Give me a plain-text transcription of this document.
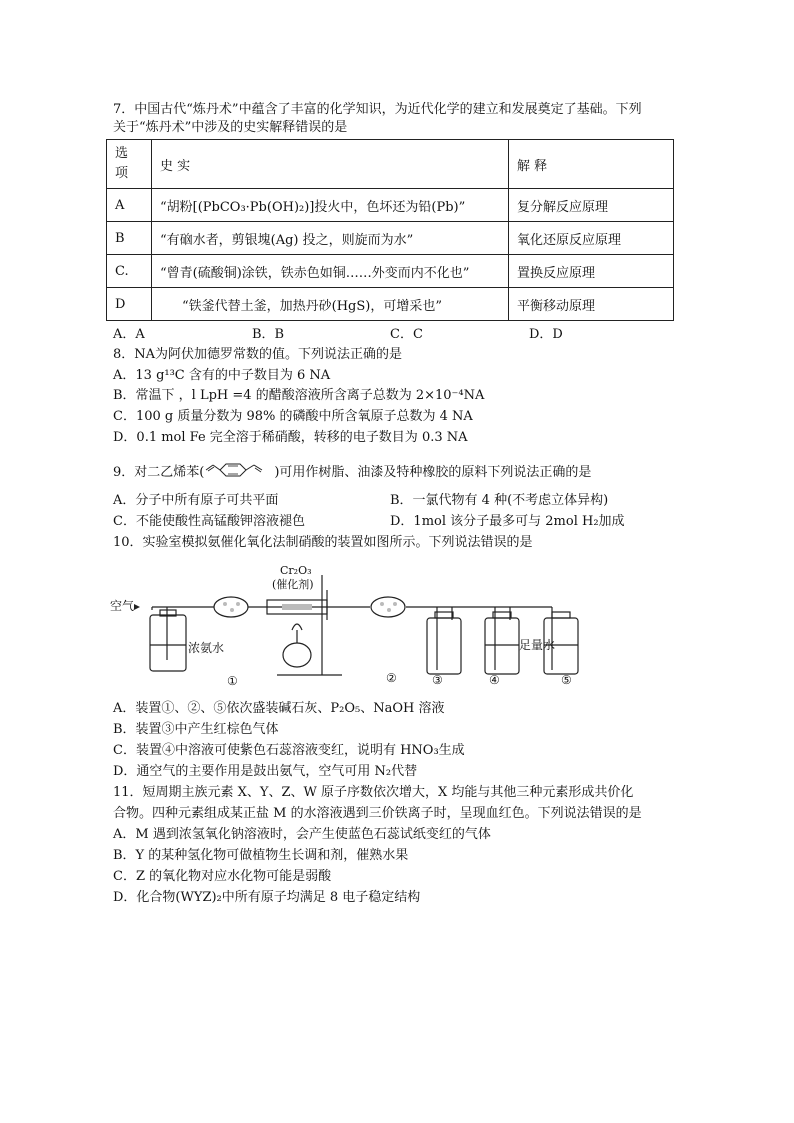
7．中国古代“炼丹术”中蕴含了丰富的化学知识，为近代化学的建立和发展奠定了基础。下列
关于“炼丹术”中涉及的史实解释错误的是
选项	史 实	解 释
A	“胡粉[(PbCO₃·Pb(OH)₂)]投火中，色坏还为铅(Pb)”	复分解反应原理
B	“有硇水者，剪银塊(Ag) 投之，则旋而为水”	氧化还原反应原理
C.	“曾青(硫酸铜)涂铁，铁赤色如铜……外变而内不化也”	置换反应原理
D	“铁釜代替土釜，加热丹砂(HgS)，可增采也”	平衡移动原理
A．A	B．B	C．C	D．D
8．NA为阿伏加德罗常数的值。下列说法正确的是
A．13 g¹³C 含有的中子数目为 6 NA
B．常温下 ，l LpH =4 的醋酸溶液所含离子总数为 2×10⁻⁴NA
C．100 g 质量分数为 98% 的磷酸中所含氧原子总数为 4 NA
D．0.1 mol Fe 完全溶于稀硝酸，转移的电子数目为 0.3 NA
9．对二乙烯苯(	)可用作树脂、油漆及特种橡胶的原料下列说法正确的是
A．分子中所有原子可共平面	B．一氯代物有 4 种(不考虑立体异构)
C．不能使酸性高锰酸钾溶液褪色	D．1mol 该分子最多可与 2mol H₂加成
10．实验室模拟氨催化氧化法制硝酸的装置如图所示。下列说法错误的是
空气
Cr₂O₃
(催化剂)
浓氨水	足量水
①	②	③	④	⑤
A．装置①、②、⑤依次盛装碱石灰、P₂O₅、NaOH 溶液
B．装置③中产生红棕色气体
C．装置④中溶液可使紫色石蕊溶液变红，说明有 HNO₃生成
D．通空气的主要作用是鼓出氨气，空气可用 N₂代替
11．短周期主族元素 X、Y、Z、W 原子序数依次增大，X 均能与其他三种元素形成共价化
合物。四种元素组成某正盐 M 的水溶液遇到三价铁离子时，呈现血红色。下列说法错误的是
A．M 遇到浓氢氧化钠溶液时，会产生使蓝色石蕊试纸变红的气体
B．Y 的某种氢化物可做植物生长调和剂，催熟水果
C．Z 的氧化物对应水化物可能是弱酸
D．化合物(WYZ)₂中所有原子均满足 8 电子稳定结构
